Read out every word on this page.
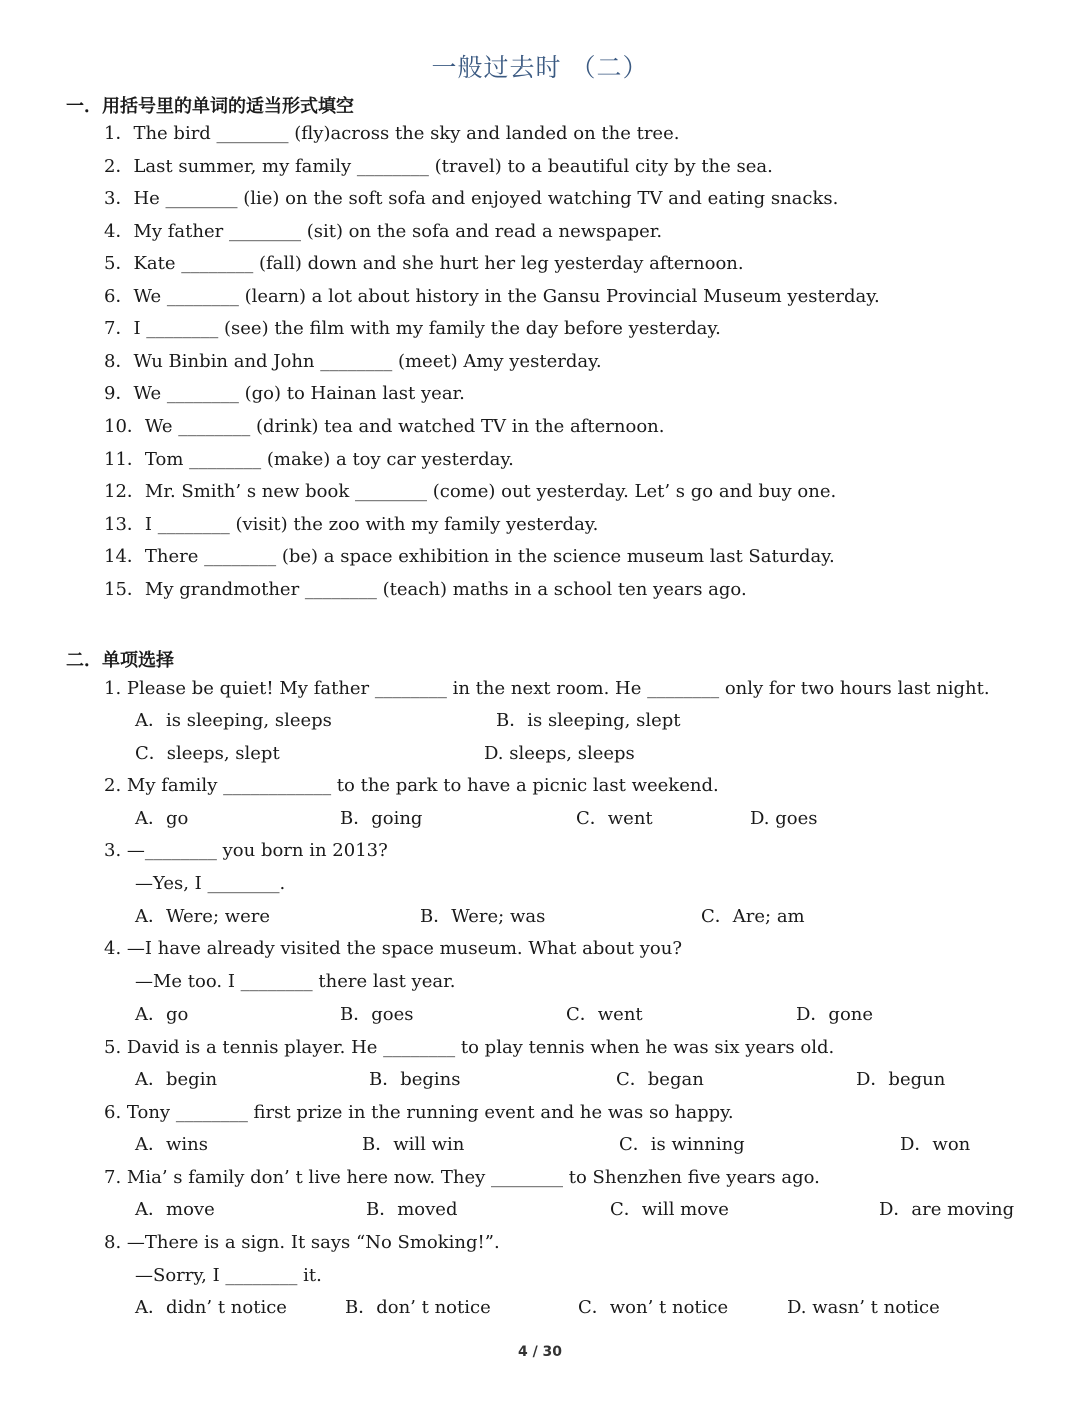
一般过去时 （二）
一．用括号里的单词的适当形式填空
1．The bird ________ (fly)across the sky and landed on the tree.
2．Last summer, my family ________ (travel) to a beautiful city by the sea.
3．He ________ (lie) on the soft sofa and enjoyed watching TV and eating snacks.
4．My father ________ (sit) on the sofa and read a newspaper.
5．Kate ________ (fall) down and she hurt her leg yesterday afternoon.
6．We ________ (learn) a lot about history in the Gansu Provincial Museum yesterday.
7．I ________ (see) the film with my family the day before yesterday.
8．Wu Binbin and John ________ (meet) Amy yesterday.
9．We ________ (go) to Hainan last year.
10．We ________ (drink) tea and watched TV in the afternoon.
11．Tom ________ (make) a toy car yesterday.
12．Mr. Smith’ s new book ________ (come) out yesterday. Let’ s go and buy one.
13．I ________ (visit) the zoo with my family yesterday.
14．There ________ (be) a space exhibition in the science museum last Saturday.
15．My grandmother ________ (teach) maths in a school ten years ago.
二．单项选择
1. Please be quiet! My father ________ in the next room. He ________ only for two hours last night.
A．is sleeping, sleeps	B．is sleeping, slept
C．sleeps, slept	D. sleeps, sleeps
2. My family ____________ to the park to have a picnic last weekend.
A．go	B．going	C．went	D. goes
3. —________ you born in 2013?
—Yes, I ________.
A．Were; were	B．Were; was	C．Are; am
4. —I have already visited the space museum. What about you?
—Me too. I ________ there last year.
A．go	B．goes	C．went	D．gone
5. David is a tennis player. He ________ to play tennis when he was six years old.
A．begin	B．begins	C．began	D．begun
6. Tony ________ first prize in the running event and he was so happy.
A．wins	B．will win	C．is winning	D．won
7. Mia’ s family don’ t live here now. They ________ to Shenzhen five years ago.
A．move	B．moved	C．will move	D．are moving
8. —There is a sign. It says “No Smoking!”.
—Sorry, I ________ it.
A．didn’ t notice	B．don’ t notice	C．won’ t notice	D. wasn’ t notice
4 / 30
